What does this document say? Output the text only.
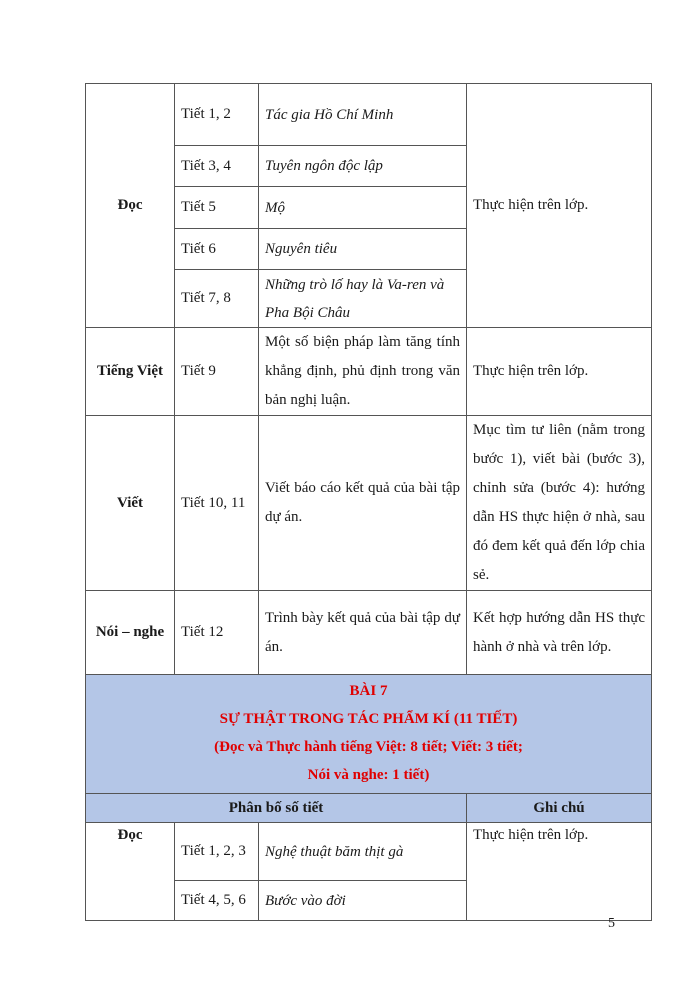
Đọc	Tiết 1, 2	Tác gia Hồ Chí Minh	Thực hiện trên lớp.
	Tiết 3, 4	Tuyên ngôn độc lập	
	Tiết 5	Mộ	
	Tiết 6	Nguyên tiêu	
	Tiết 7, 8	Những trò lố hay là Va-ren và Pha Bội Châu	
Tiếng Việt	Tiết 9	Một số biện pháp làm tăng tính khẳng định, phủ định trong văn bản nghị luận.	Thực hiện trên lớp.
Viết	Tiết 10, 11	Viết báo cáo kết quả của bài tập dự án.	Mục tìm tư liên (nằm trong bước 1), viết bài (bước 3), chỉnh sửa (bước 4): hướng dẫn HS thực hiện ở nhà, sau đó đem kết quả đến lớp chia sẻ.
Nói – nghe	Tiết 12	Trình bày kết quả của bài tập dự án.	Kết hợp hướng dẫn HS thực hành ở nhà và trên lớp.

BÀI 7
SỰ THẬT TRONG TÁC PHẨM KÍ (11 TIẾT)
(Đọc và Thực hành tiếng Việt: 8 tiết; Viết: 3 tiết;
Nói và nghe: 1 tiết)			

Phân bố số tiết			Ghi chú
Đọc	Tiết 1, 2, 3	Nghệ thuật băm thịt gà	Thực hiện trên lớp.
	Tiết 4, 5, 6	Bước vào đời	
5
